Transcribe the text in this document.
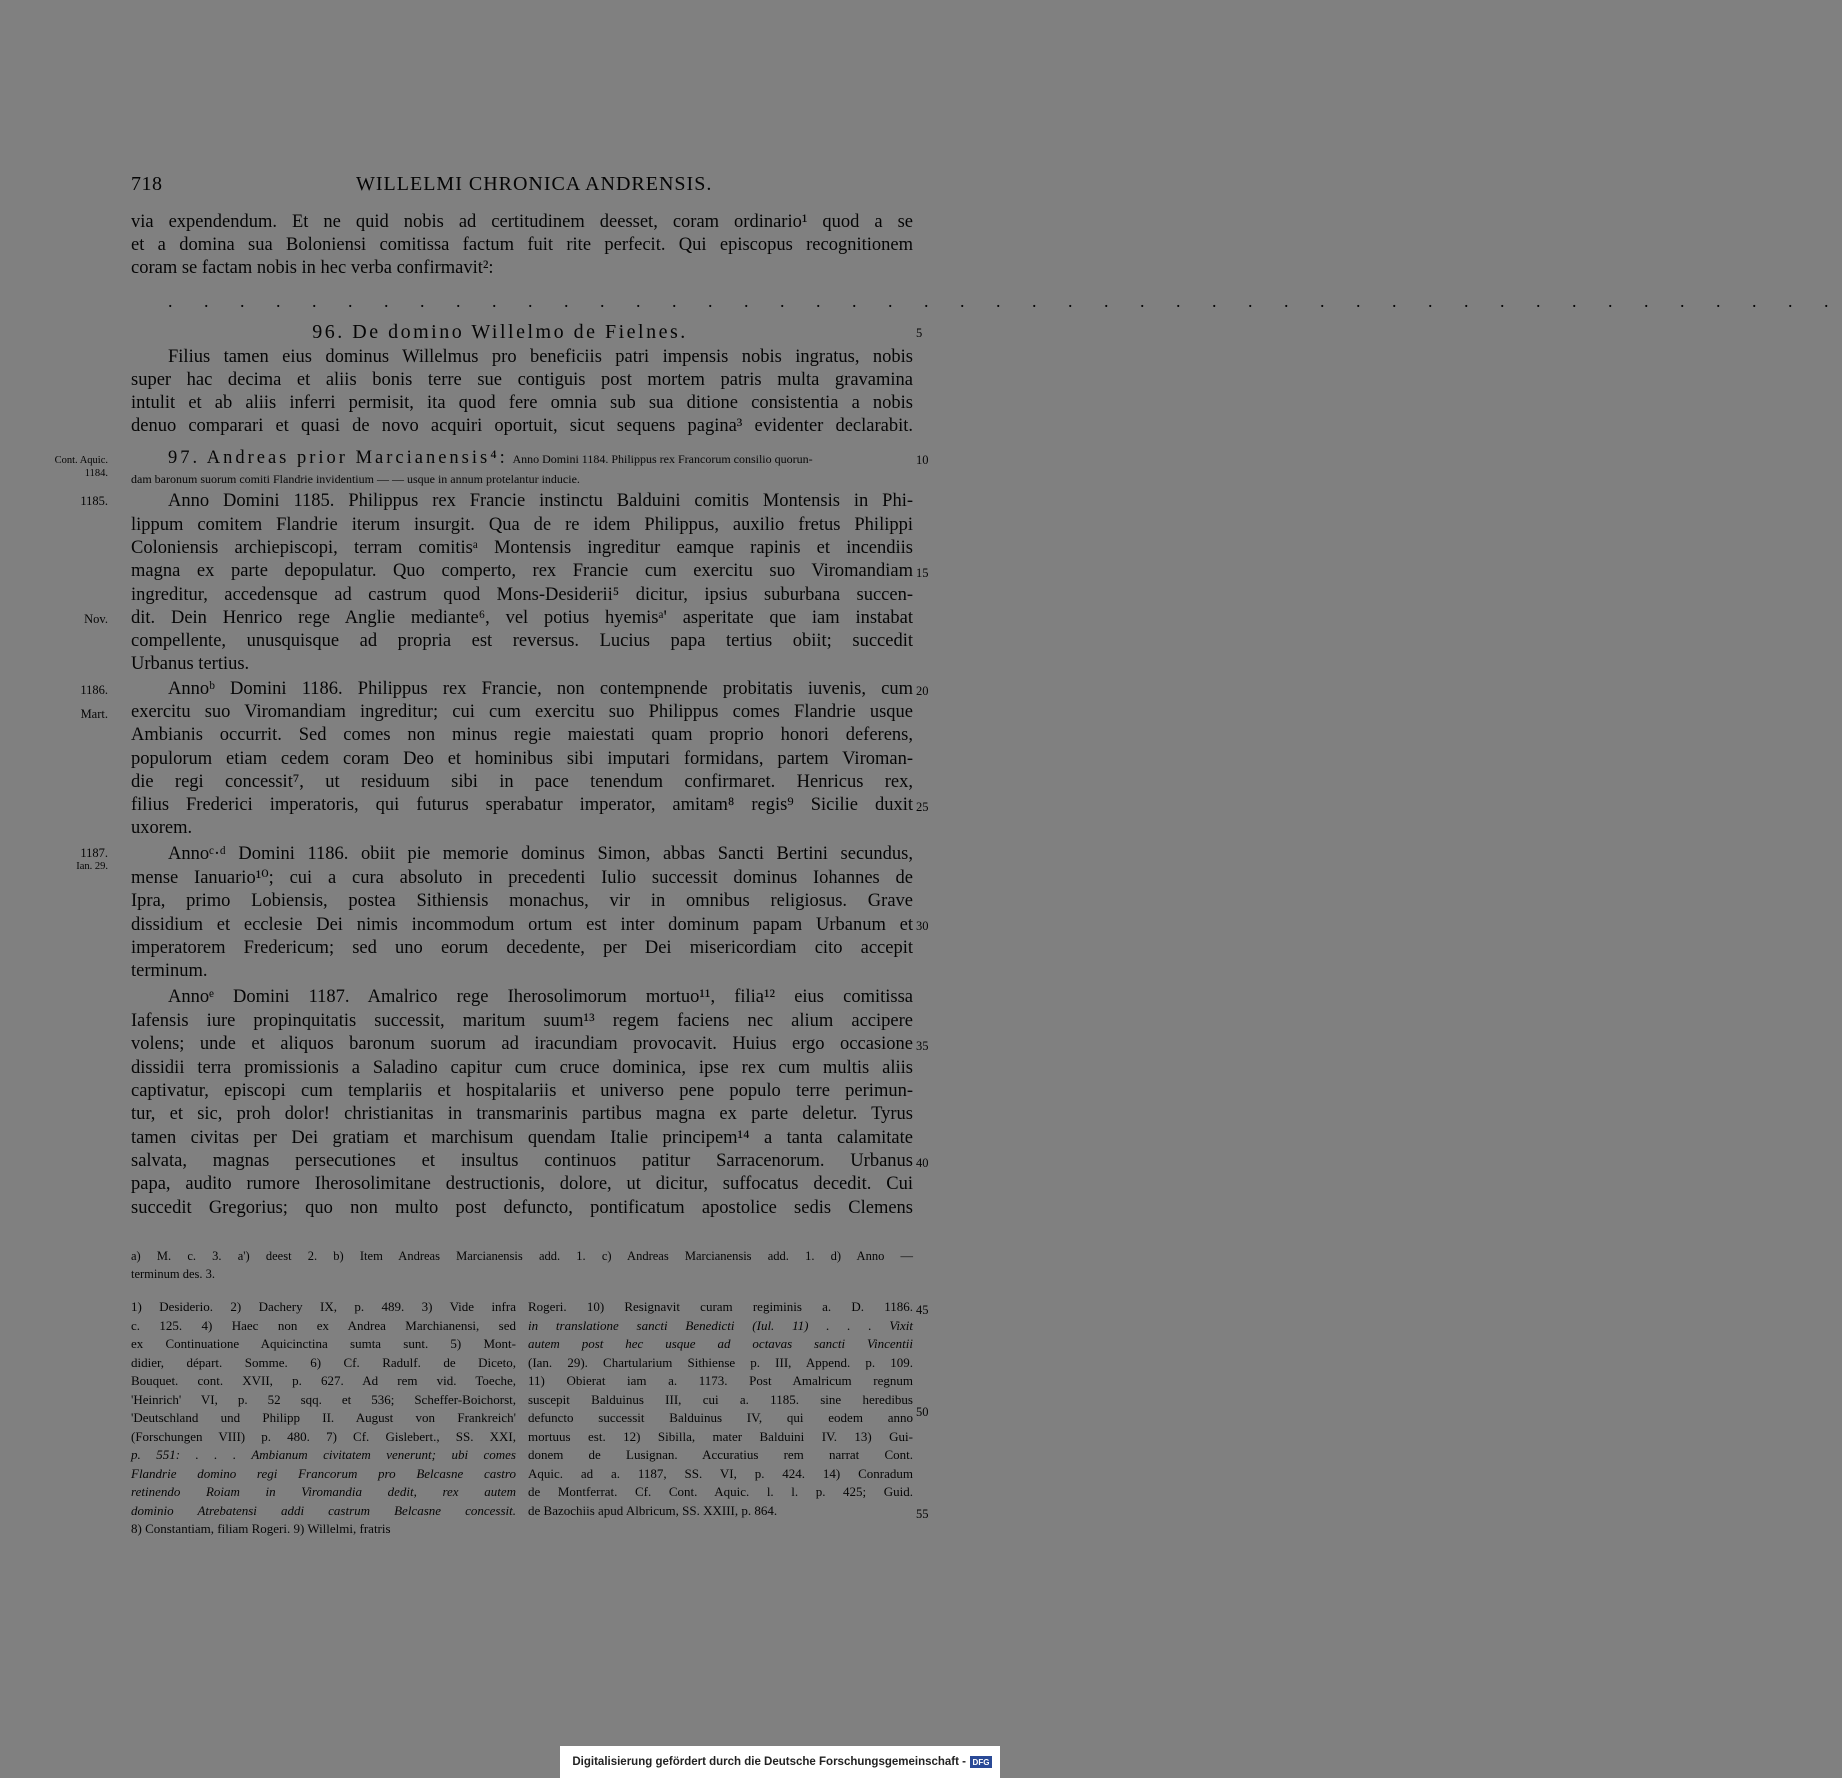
718	WILLELMI CHRONICA ANDRENSIS.
via expendendum. Et ne quid nobis ad certitudinem deesset, coram ordinario¹ quod a se
et a domina sua Boloniensi comitissa factum fuit rite perfecit. Qui episcopus recognitionem
coram se factam nobis in hec verba confirmavit²:
. . . . . . . . . . . . . . . . . . . . . . . . . . . . . . . . . . . . . . . . . . . . . . .
96. De domino Willelmo de Fielnes.	5
Filius tamen eius dominus Willelmus pro beneficiis patri impensis nobis ingratus, nobis
super hac decima et aliis bonis terre sue contiguis post mortem patris multa gravamina
intulit et ab aliis inferri permisit, ita quod fere omnia sub sua ditione consistentia a nobis
denuo comparari et quasi de novo acquiri oportuit, sicut sequens pagina³ evidenter declarabit.
Cont. Aquic.
1184.
97. Andreas prior Marcianensis⁴: Anno Domini 1184. Philippus rex Francorum consilio quorun-	10
dam baronum suorum comiti Flandrie invidentium — — usque in annum protelantur inducie.
1185.	Anno Domini 1185. Philippus rex Francie instinctu Balduini comitis Montensis in Phi-
lippum comitem Flandrie iterum insurgit. Qua de re idem Philippus, auxilio fretus Philippi
Coloniensis archiepiscopi, terram comitisᵃ Montensis ingreditur eamque rapinis et incendiis
magna ex parte depopulatur. Quo comperto, rex Francie cum exercitu suo Viromandiam 15
ingreditur, accedensque ad castrum quod Mons-Desiderii⁵ dicitur, ipsius suburbana succen-
Nov. dit. Dein Henrico rege Anglie mediante⁶, vel potius hyemisᵃ' asperitate que iam instabat
compellente, unusquisque ad propria est reversus. Lucius papa tertius obiit; succedit
Urbanus tertius.
1186.	Annoᵇ Domini 1186. Philippus rex Francie, non contempnende probitatis iuvenis, cum 20
Mart. exercitu suo Viromandiam ingreditur; cui cum exercitu suo Philippus comes Flandrie usque
Ambianis occurrit. Sed comes non minus regie maiestati quam proprio honori deferens,
populorum etiam cedem coram Deo et hominibus sibi imputari formidans, partem Viroman-
die regi concessit⁷, ut residuum sibi in pace tenendum confirmaret. Henricus rex,
filius Frederici imperatoris, qui futurus sperabatur imperator, amitam⁸ regis⁹ Sicilie duxit 25
uxorem.
1187.
Ian. 29.
Annoᶜ·ᵈ Domini 1186. obiit pie memorie dominus Simon, abbas Sancti Bertini secundus,
mense Ianuario¹⁰; cui a cura absoluto in precedenti Iulio successit dominus Iohannes de
Ipra, primo Lobiensis, postea Sithiensis monachus, vir in omnibus religiosus. Grave
dissidium et ecclesie Dei nimis incommodum ortum est inter dominum papam Urbanum et 30
imperatorem Fredericum; sed uno eorum decedente, per Dei misericordiam cito accepit
terminum.
Annoᵉ Domini 1187. Amalrico rege Iherosolimorum mortuo¹¹, filia¹² eius comitissa
Iafensis iure propinquitatis successit, maritum suum¹³ regem faciens nec alium accipere
volens; unde et aliquos baronum suorum ad iracundiam provocavit. Huius ergo occasione 35
dissidii terra promissionis a Saladino capitur cum cruce dominica, ipse rex cum multis aliis
captivatur, episcopi cum templariis et hospitalariis et universo pene populo terre perimun-
tur, et sic, proh dolor! christianitas in transmarinis partibus magna ex parte deletur. Tyrus
tamen civitas per Dei gratiam et marchisum quendam Italie principem¹⁴ a tanta calamitate
salvata, magnas persecutiones et insultus continuos patitur Sarracenorum. Urbanus 40
papa, audito rumore Iherosolimitane destructionis, dolore, ut dicitur, suffocatus decedit. Cui
succedit Gregorius; quo non multo post defuncto, pontificatum apostolice sedis Clemens
a) M. c. 3. a') deest 2. b) Item Andreas Marcianensis add. 1. c) Andreas Marcianensis add. 1. d) Anno —
terminum des. 3.
1) Desiderio. 2) Dachery IX, p. 489. 3) Vide infra
c. 125. 4) Haec non ex Andrea Marchianensi, sed
ex Continuatione Aquicinctina sumta sunt. 5) Mont-
didier, départ. Somme. 6) Cf. Radulf. de Diceto,
Bouquet. cont. XVII, p. 627. Ad rem vid. Toeche,
'Heinrich' VI, p. 52 sqq. et 536; Scheffer-Boichorst,
'Deutschland und Philipp II. August von Frankreich'
(Forschungen VIII) p. 480. 7) Cf. Gislebert., SS. XXI,
p. 551: . . . Ambianum civitatem venerunt; ubi comes
Flandrie domino regi Francorum pro Belcasne castro
retinendo Roiam in Viromandia dedit, rex autem
dominio Atrebatensi addi castrum Belcasne concessit.
8) Constantiam, filiam Rogeri. 9) Willelmi, fratris
Rogeri. 10) Resignavit curam regiminis a. D. 1186.
in translatione sancti Benedicti (Iul. 11) . . . Vixit
autem post hec usque ad octavas sancti Vincentii
(Ian. 29). Chartularium Sithiense p. III, Append. p. 109.
11) Obierat iam a. 1173. Post Amalricum regnum
suscepit Balduinus III, cui a. 1185. sine heredibus
defuncto successit Balduinus IV, qui eodem anno
mortuus est. 12) Sibilla, mater Balduini IV. 13) Gui-
donem de Lusignan. Accuratius rem narrat Cont.
Aquic. ad a. 1187, SS. VI, p. 424. 14) Conradum
de Montferrat. Cf. Cont. Aquic. l. l. p. 425; Guid.
de Bazochiis apud Albricum, SS. XXIII, p. 864.
45
50
55
Digitalisierung gefördert durch die Deutsche Forschungsgemeinschaft - DFG
